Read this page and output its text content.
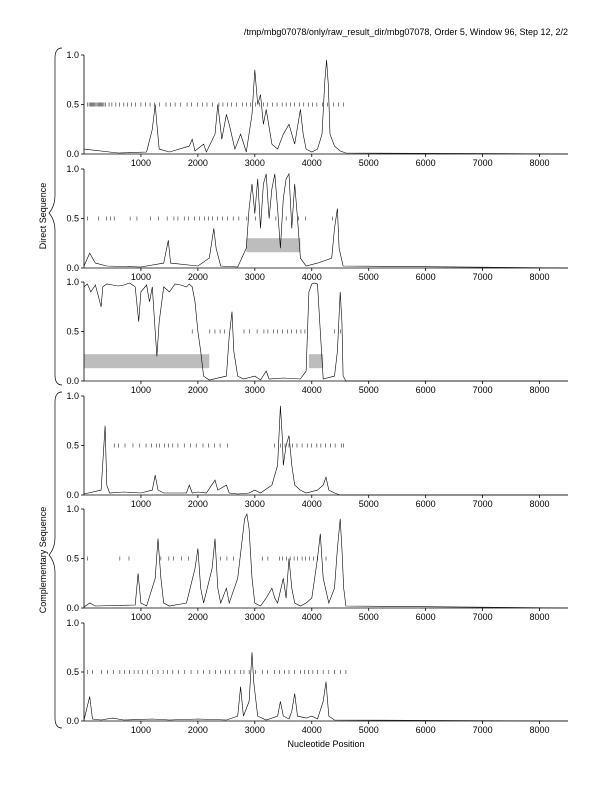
/tmp/mbg07078/only/raw_result_dir/mbg07078, Order 5, Window 96, Step 12, 2/2
0.0
0.5
1.0
1000	2000	3000	4000	5000	6000	7000	8000
0.0
0.5
1.0
1000	2000	3000	4000	5000	6000	7000	8000
0.0
0.5
1.0
1000	2000	3000	4000	5000	6000	7000	8000
0.0
0.5
1.0
1000	2000	3000	4000	5000	6000	7000	8000
0.0
0.5
1.0
1000	2000	3000	4000	5000	6000	7000	8000
0.0
0.5
1.0
1000	2000	3000	4000	5000	6000	7000	8000
Direct Sequence
Complementary Sequence
Nucleotide Position
